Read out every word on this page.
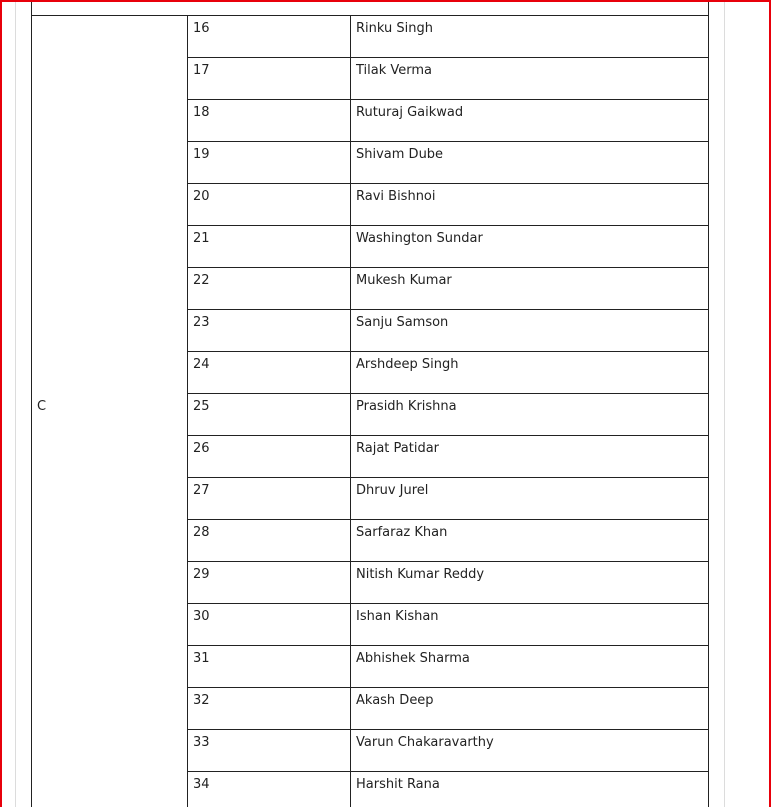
C
16	Rinku Singh
17	Tilak Verma
18	Ruturaj Gaikwad
19	Shivam Dube
20	Ravi Bishnoi
21	Washington Sundar
22	Mukesh Kumar
23	Sanju Samson
24	Arshdeep Singh
25	Prasidh Krishna
26	Rajat Patidar
27	Dhruv Jurel
28	Sarfaraz Khan
29	Nitish Kumar Reddy
30	Ishan Kishan
31	Abhishek Sharma
32	Akash Deep
33	Varun Chakaravarthy
34	Harshit Rana
